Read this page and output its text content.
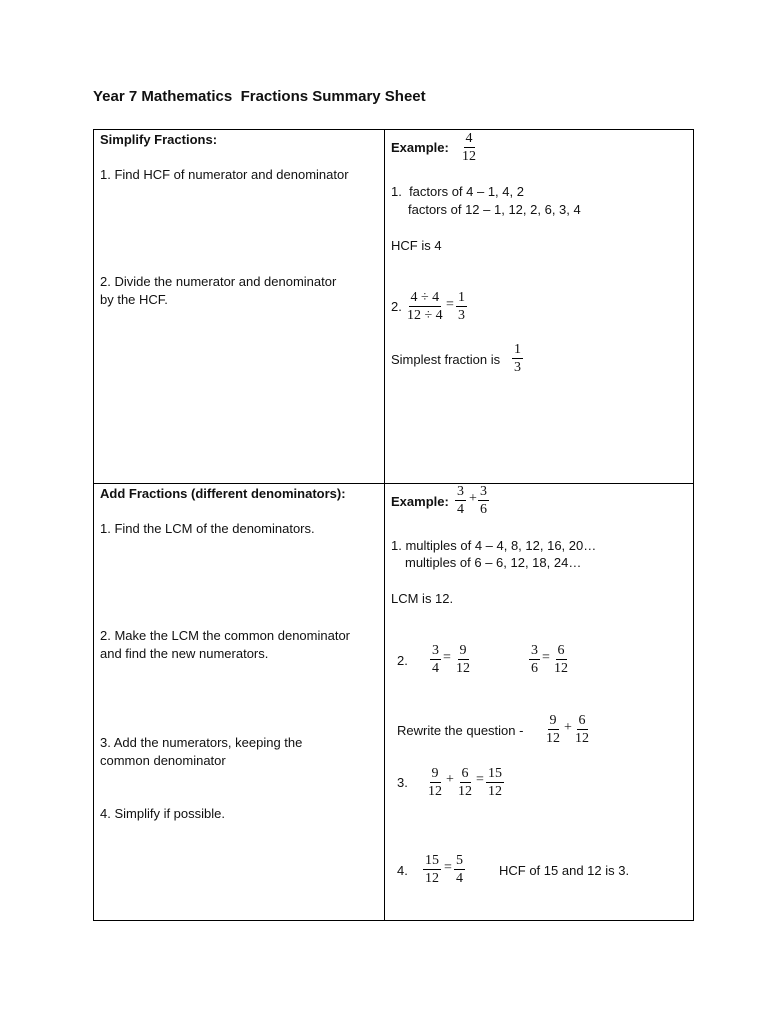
Year 7 Mathematics  Fractions Summary Sheet
Simplify Fractions:
1. Find HCF of numerator and denominator
2. Divide the numerator and denominator
by the HCF.
Example: $\frac{4}{12}$
1.  factors of 4 – 1, 4, 2
factors of 12 – 1, 12, 2, 6, 3, 4
HCF is 4
2. $\frac{4 \div 4}{12 \div 4} = \frac{1}{3}$
Simplest fraction is $\frac{1}{3}$
Add Fractions (different denominators):
1. Find the LCM of the denominators.
2. Make the LCM the common denominator
and find the new numerators.
3. Add the numerators, keeping the
common denominator
4. Simplify if possible.
Example: $\frac{3}{4} + \frac{3}{6}$
1. multiples of 4 – 4, 8, 12, 16, 20…
multiples of 6 – 6, 12, 18, 24…
LCM is 12.
2. $\frac{3}{4} = \frac{9}{12}$	$\frac{3}{6} = \frac{6}{12}$
Rewrite the question - $\frac{9}{12} + \frac{6}{12}$
3. $\frac{9}{12} + \frac{6}{12} = \frac{15}{12}$
4. $\frac{15}{12} = \frac{5}{4}$	HCF of 15 and 12 is 3.
